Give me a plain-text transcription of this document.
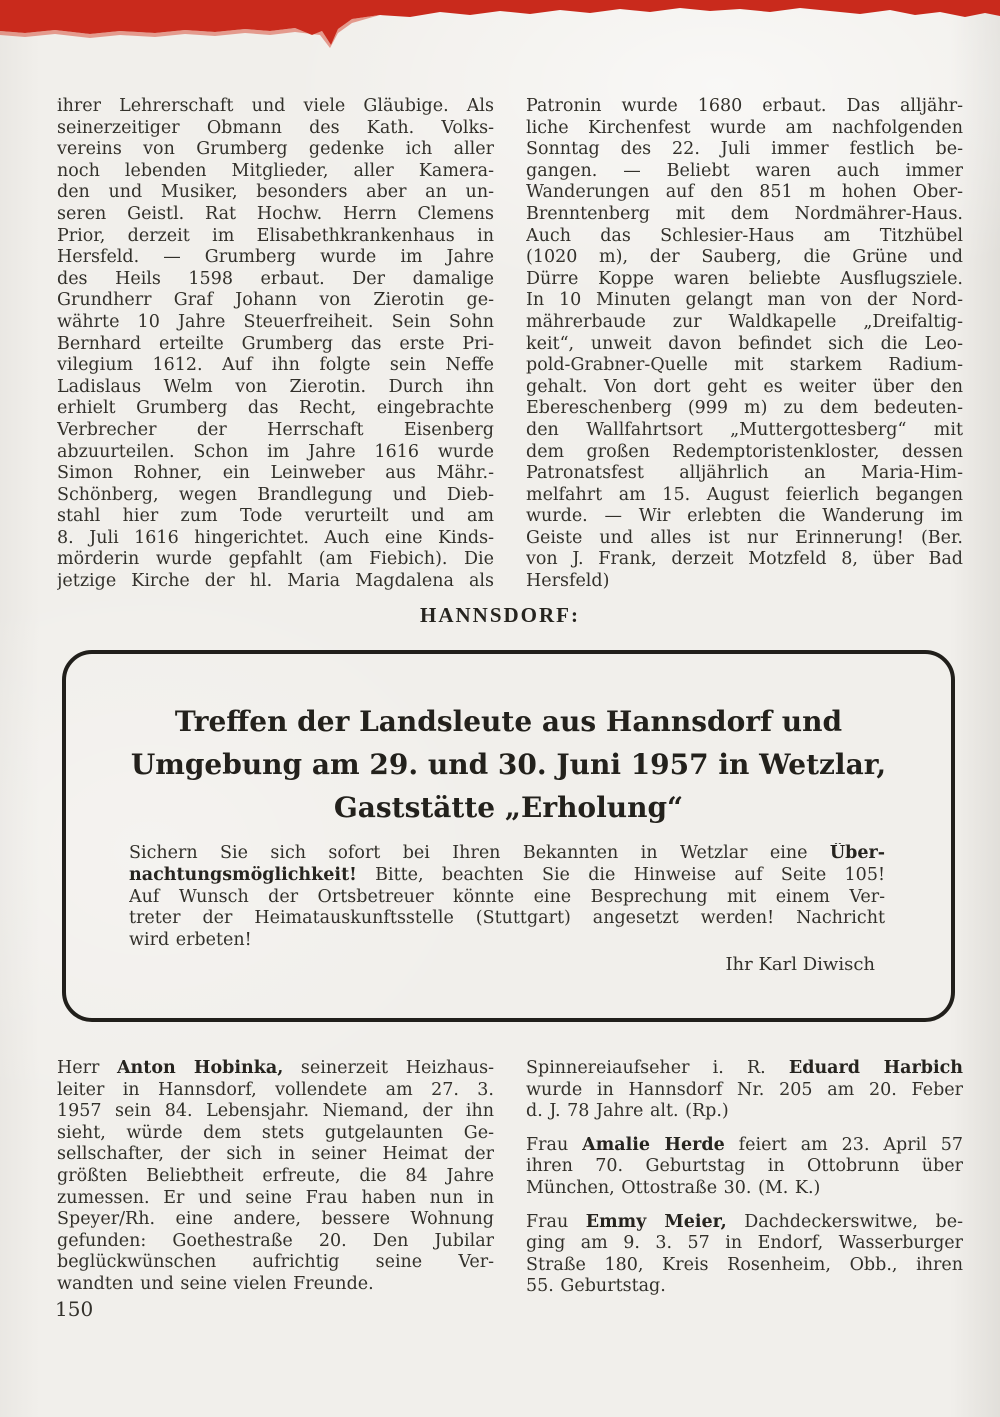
ihrer Lehrerschaft und viele Gläubige. Als
seinerzeitiger Obmann des Kath. Volks-
vereins von Grumberg gedenke ich aller
noch lebenden Mitglieder, aller Kamera-
den und Musiker, besonders aber an un-
seren Geistl. Rat Hochw. Herrn Clemens
Prior, derzeit im Elisabethkrankenhaus in
Hersfeld. — Grumberg wurde im Jahre
des Heils 1598 erbaut. Der damalige
Grundherr Graf Johann von Zierotin ge-
währte 10 Jahre Steuerfreiheit. Sein Sohn
Bernhard erteilte Grumberg das erste Pri-
vilegium 1612. Auf ihn folgte sein Neffe
Ladislaus Welm von Zierotin. Durch ihn
erhielt Grumberg das Recht, eingebrachte
Verbrecher der Herrschaft Eisenberg
abzuurteilen. Schon im Jahre 1616 wurde
Simon Rohner, ein Leinweber aus Mähr.-
Schönberg, wegen Brandlegung und Dieb-
stahl hier zum Tode verurteilt und am
8. Juli 1616 hingerichtet. Auch eine Kinds-
mörderin wurde gepfahlt (am Fiebich). Die
jetzige Kirche der hl. Maria Magdalena als
Patronin wurde 1680 erbaut. Das alljähr-
liche Kirchenfest wurde am nachfolgenden
Sonntag des 22. Juli immer festlich be-
gangen. — Beliebt waren auch immer
Wanderungen auf den 851 m hohen Ober-
Brenntenberg mit dem Nordmährer-Haus.
Auch das Schlesier-Haus am Titzhübel
(1020 m), der Sauberg, die Grüne und
Dürre Koppe waren beliebte Ausflugsziele.
In 10 Minuten gelangt man von der Nord-
mährerbaude zur Waldkapelle „Dreifaltig-
keit“, unweit davon befindet sich die Leo-
pold-Grabner-Quelle mit starkem Radium-
gehalt. Von dort geht es weiter über den
Ebereschenberg (999 m) zu dem bedeuten-
den Wallfahrtsort „Muttergottesberg“ mit
dem großen Redemptoristenkloster, dessen
Patronatsfest alljährlich an Maria-Him-
melfahrt am 15. August feierlich begangen
wurde. — Wir erlebten die Wanderung im
Geiste und alles ist nur Erinnerung! (Ber.
von J. Frank, derzeit Motzfeld 8, über Bad
Hersfeld)
HANNSDORF:
Treffen der Landsleute aus Hannsdorf und
Umgebung am 29. und 30. Juni 1957 in Wetzlar,
Gaststätte „Erholung“
Sichern Sie sich sofort bei Ihren Bekannten in Wetzlar eine Über-
nachtungsmöglichkeit! Bitte, beachten Sie die Hinweise auf Seite 105!
Auf Wunsch der Ortsbetreuer könnte eine Besprechung mit einem Ver-
treter der Heimatauskunftsstelle (Stuttgart) angesetzt werden! Nachricht
wird erbeten!
Ihr Karl Diwisch
Herr Anton Hobinka, seinerzeit Heizhaus-
leiter in Hannsdorf, vollendete am 27. 3.
1957 sein 84. Lebensjahr. Niemand, der ihn
sieht, würde dem stets gutgelaunten Ge-
sellschafter, der sich in seiner Heimat der
größten Beliebtheit erfreute, die 84 Jahre
zumessen. Er und seine Frau haben nun in
Speyer/Rh. eine andere, bessere Wohnung
gefunden: Goethestraße 20. Den Jubilar
beglückwünschen aufrichtig seine Ver-
wandten und seine vielen Freunde.
Spinnereiaufseher i. R. Eduard Harbich
wurde in Hannsdorf Nr. 205 am 20. Feber
d. J. 78 Jahre alt. (Rp.)
Frau Amalie Herde feiert am 23. April 57
ihren 70. Geburtstag in Ottobrunn über
München, Ottostraße 30. (M. K.)
Frau Emmy Meier, Dachdeckerswitwe, be-
ging am 9. 3. 57 in Endorf, Wasserburger
Straße 180, Kreis Rosenheim, Obb., ihren
55. Geburtstag.
150
